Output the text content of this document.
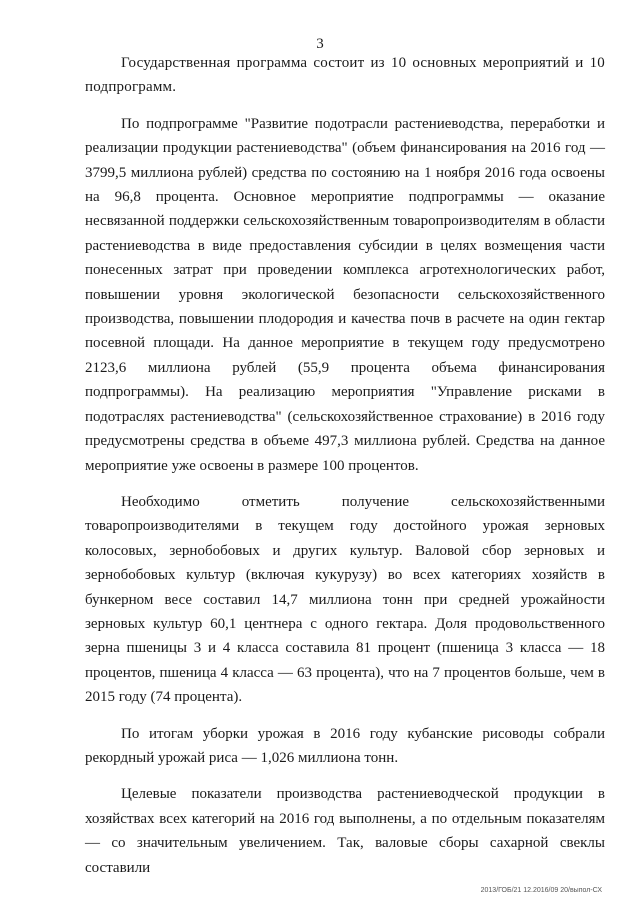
3

Государственная программа состоит из 10 основных мероприятий и 10 подпрограмм.

По подпрограмме "Развитие подотрасли растениеводства, переработки и реализации продукции растениеводства" (объем финансирования на 2016 год — 3799,5 миллиона рублей) средства по состоянию на 1 ноября 2016 года освоены на 96,8 процента. Основное мероприятие подпрограммы — оказание несвязанной поддержки сельскохозяйственным товаропроизводителям в области растениеводства в виде предоставления субсидии в целях возмещения части понесенных затрат при проведении комплекса агротехнологических работ, повышении уровня экологической безопасности сельскохозяйственного производства, повышении плодородия и качества почв в расчете на один гектар посевной площади. На данное мероприятие в текущем году предусмотрено 2123,6 миллиона рублей (55,9 процента объема финансирования подпрограммы). На реализацию мероприятия "Управление рисками в подотраслях растениеводства" (сельскохозяйственное страхование) в 2016 году предусмотрены средства в объеме 497,3 миллиона рублей. Средства на данное мероприятие уже освоены в размере 100 процентов.

Необходимо отметить получение сельскохозяйственными товаропроизводителями в текущем году достойного урожая зерновых колосовых, зернобобовых и других культур. Валовой сбор зерновых и зернобобовых культур (включая кукурузу) во всех категориях хозяйств в бункерном весе составил 14,7 миллиона тонн при средней урожайности зерновых культур 60,1 центнера с одного гектара. Доля продовольственного зерна пшеницы 3 и 4 класса составила 81 процент (пшеница 3 класса — 18 процентов, пшеница 4 класса — 63 процента), что на 7 процентов больше, чем в 2015 году (74 процента).

По итогам уборки урожая в 2016 году кубанские рисоводы собрали рекордный урожай риса — 1,026 миллиона тонн.

Целевые показатели производства растениеводческой продукции в хозяйствах всех категорий на 2016 год выполнены, а по отдельным показателям — со значительным увеличением. Так, валовые сборы сахарной свеклы составили

2013/ГОБ/21 12.2016/09 20/выпол-СХ
